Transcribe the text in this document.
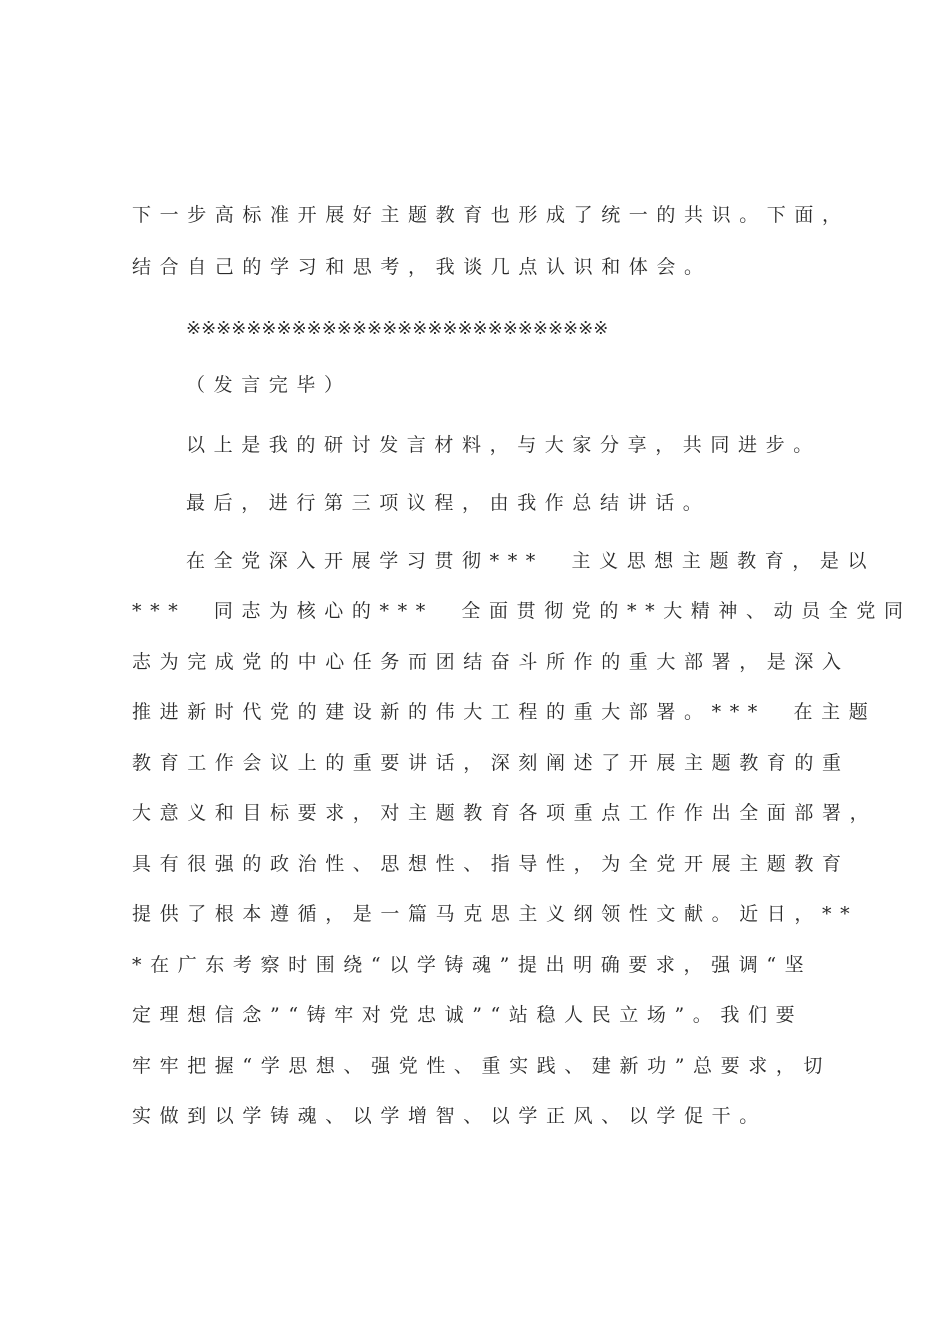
下一步高标准开展好主题教育也形成了统一的共识。下面，
结合自己的学习和思考，我谈几点认识和体会。
※※※※※※※※※※※※※※※※※※※※※※※※※※※※
（发言完毕）
以上是我的研讨发言材料，与大家分享，共同进步。
最后，进行第三项议程，由我作总结讲话。
在全党深入开展学习贯彻***　主义思想主题教育，是以
***　同志为核心的***　全面贯彻党的**大精神、动员全党同
志为完成党的中心任务而团结奋斗所作的重大部署，是深入
推进新时代党的建设新的伟大工程的重大部署。***　在主题
教育工作会议上的重要讲话，深刻阐述了开展主题教育的重
大意义和目标要求，对主题教育各项重点工作作出全面部署，
具有很强的政治性、思想性、指导性，为全党开展主题教育
提供了根本遵循，是一篇马克思主义纲领性文献。近日，**
*在广东考察时围绕“以学铸魂”提出明确要求，强调“坚
定理想信念”“铸牢对党忠诚”“站稳人民立场”。我们要
牢牢把握“学思想、强党性、重实践、建新功”总要求，切
实做到以学铸魂、以学增智、以学正风、以学促干。
